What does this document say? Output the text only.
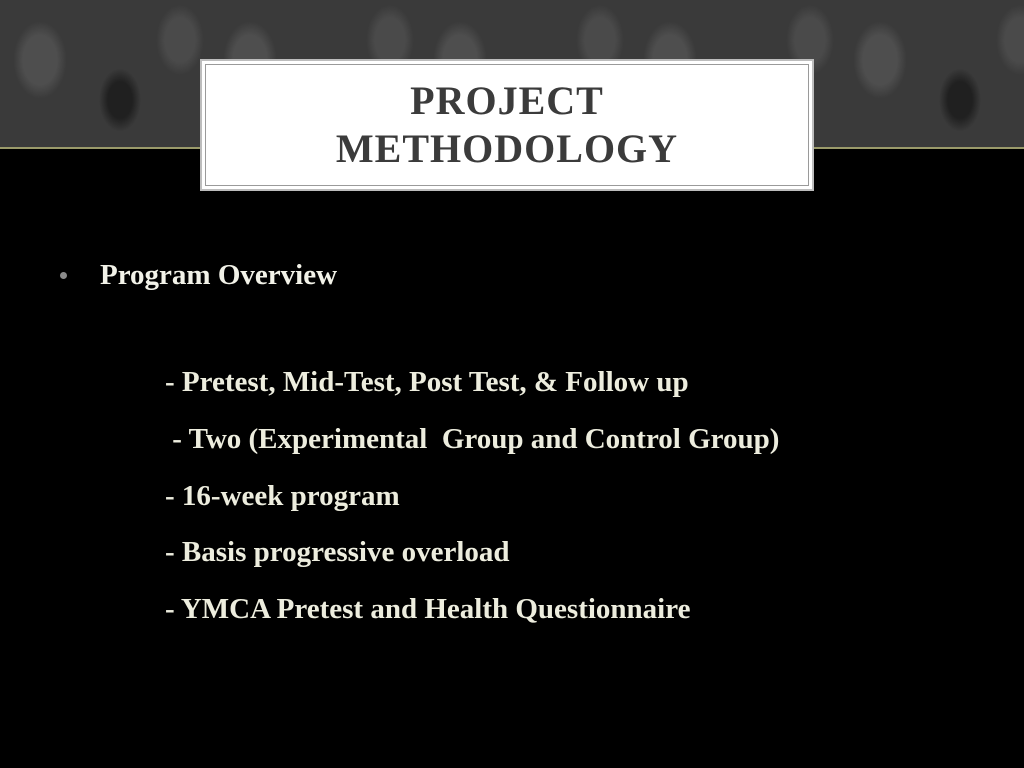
PROJECT
METHODOLOGY
Program Overview
- Pretest, Mid-Test, Post Test, & Follow up
- Two (Experimental  Group and Control Group)
- 16-week program
- Basis progressive overload
- YMCA Pretest and Health Questionnaire
